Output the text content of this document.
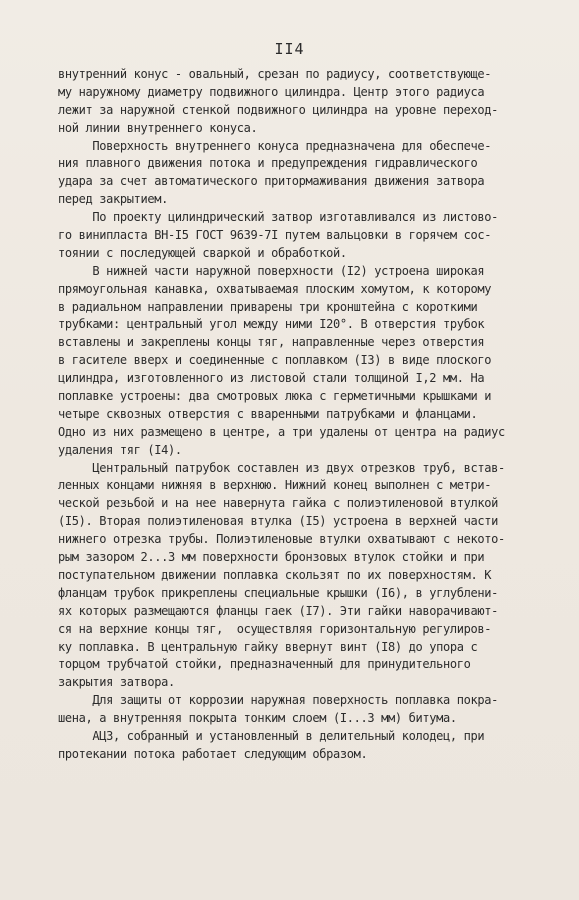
II4
внутренний конус - овальный, срезан по радиусу, соответствующе-
му наружному диаметру подвижного цилиндра. Центр этого радиуса
лежит за наружной стенкой подвижного цилиндра на уровне переход-
ной линии внутреннего конуса.
Поверхность внутреннего конуса предназначена для обеспече-
ния плавного движения потока и предупреждения гидравлического
удара за счет автоматического притормаживания движения затвора
перед закрытием.
По проекту цилиндрический затвор изготавливался из листово-
го винипласта ВН-I5 ГОСТ 9639-7I путем вальцовки в горячем сос-
тоянии с последующей сваркой и обработкой.
В нижней части наружной поверхности (I2) устроена широкая
прямоугольная канавка, охватываемая плоским хомутом, к которому
в радиальном направлении приварены три кронштейна с короткими
трубками: центральный угол между ними I20°. В отверстия трубок
вставлены и закреплены концы тяг, направленные через отверстия
в гасителе вверх и соединенные с поплавком (I3) в виде плоского
цилиндра, изготовленного из листовой стали толщиной I,2 мм. На
поплавке устроены: два смотровых люка с герметичными крышками и
четыре сквозных отверстия с вваренными патрубками и фланцами.
Одно из них размещено в центре, а три удалены от центра на радиус
удаления тяг (I4).
Центральный патрубок составлен из двух отрезков труб, встав-
ленных концами нижняя в верхнюю. Нижний конец выполнен с метри-
ческой резьбой и на нее навернута гайка с полиэтиленовой втулкой
(I5). Вторая полиэтиленовая втулка (I5) устроена в верхней части
нижнего отрезка трубы. Полиэтиленовые втулки охватывают с некото-
рым зазором 2...3 мм поверхности бронзовых втулок стойки и при
поступательном движении поплавка скользят по их поверхностям. К
фланцам трубок прикреплены специальные крышки (I6), в углублени-
ях которых размещаются фланцы гаек (I7). Эти гайки наворачивают-
ся на верхние концы тяг,  осуществляя горизонтальную регулиров-
ку поплавка. В центральную гайку ввернут винт (I8) до упора с
торцом трубчатой стойки, предназначенный для принудительного
закрытия затвора.
Для защиты от коррозии наружная поверхность поплавка покра-
шена, а внутренняя покрыта тонким слоем (I...3 мм) битума.
АЦЗ, собранный и установленный в делительный колодец, при
протекании потока работает следующим образом.
